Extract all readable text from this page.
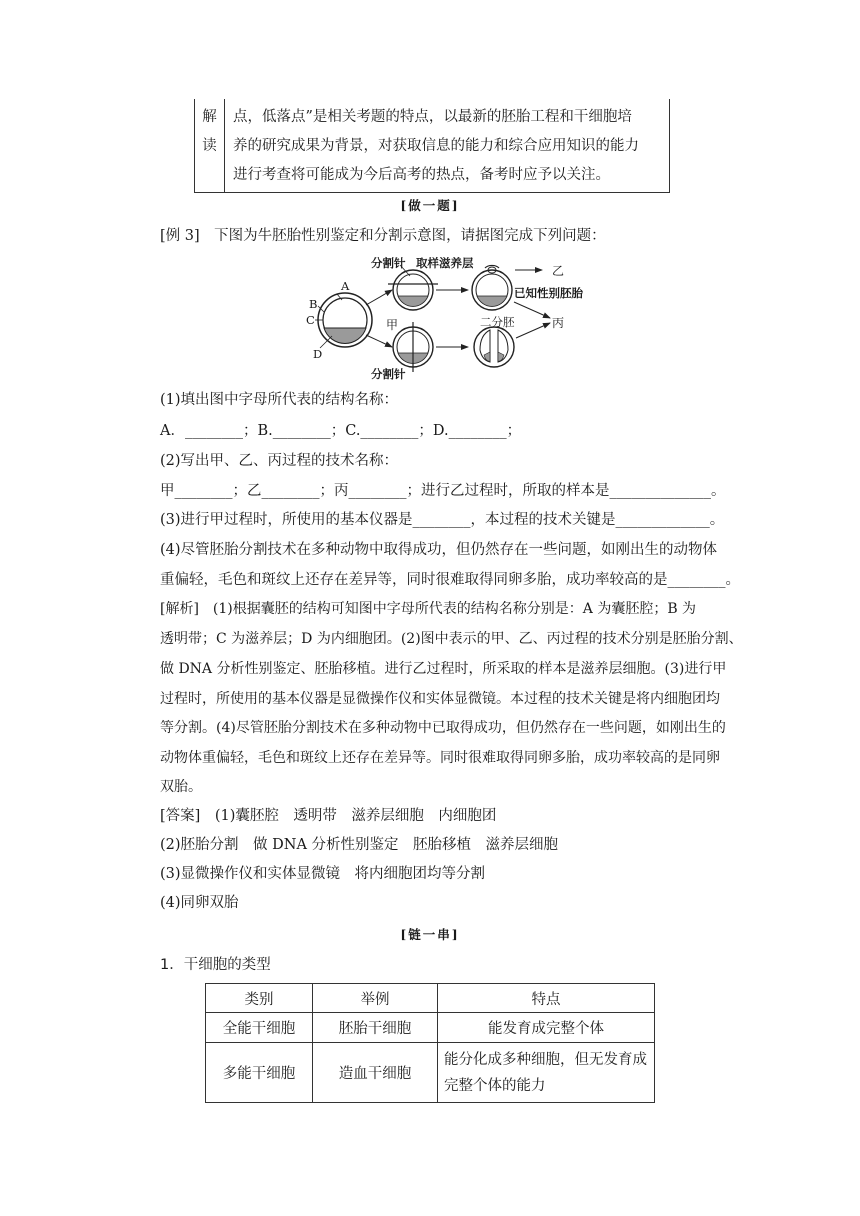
解
读
点，低落点”是相关考题的特点，以最新的胚胎工程和干细胞培
养的研究成果为背景，对获取信息的能力和综合应用知识的能力
进行考查将可能成为今后高考的热点，备考时应予以关注。
[做一题]
[例 3]　下图为牛胚胎性别鉴定和分割示意图，请据图完成下列问题：
A
B
C
D
分割针 取样滋养层
乙
甲
已知性别胚胎
二分胚	丙
分割针
(1)填出图中字母所代表的结构名称：
A．________；B.________；C.________；D.________；
(2)写出甲、乙、丙过程的技术名称：
甲________；乙________；丙________；进行乙过程时，所取的样本是______________。
(3)进行甲过程时，所使用的基本仪器是________，本过程的技术关键是_____________。
(4)尽管胚胎分割技术在多种动物中取得成功，但仍然存在一些问题，如刚出生的动物体
重偏轻，毛色和斑纹上还存在差异等，同时很难取得同卵多胎，成功率较高的是________。
[解析]　(1)根据囊胚的结构可知图中字母所代表的结构名称分别是：A 为囊胚腔；B 为
透明带；C 为滋养层；D 为内细胞团。(2)图中表示的甲、乙、丙过程的技术分别是胚胎分割、
做 DNA 分析性别鉴定、胚胎移植。进行乙过程时，所采取的样本是滋养层细胞。(3)进行甲
过程时，所使用的基本仪器是显微操作仪和实体显微镜。本过程的技术关键是将内细胞团均
等分割。(4)尽管胚胎分割技术在多种动物中已取得成功，但仍然存在一些问题，如刚出生的
动物体重偏轻，毛色和斑纹上还存在差异等。同时很难取得同卵多胎，成功率较高的是同卵
双胎。
[答案]　(1)囊胚腔　透明带　滋养层细胞　内细胞团
(2)胚胎分割　做 DNA 分析性别鉴定　胚胎移植　滋养层细胞
(3)显微操作仪和实体显微镜　将内细胞团均等分割
(4)同卵双胎
[链一串]
1．干细胞的类型
类别	举例	特点
全能干细胞	胚胎干细胞	能发育成完整个体
多能干细胞	造血干细胞	能分化成多种细胞，但无发育成
完整个体的能力
